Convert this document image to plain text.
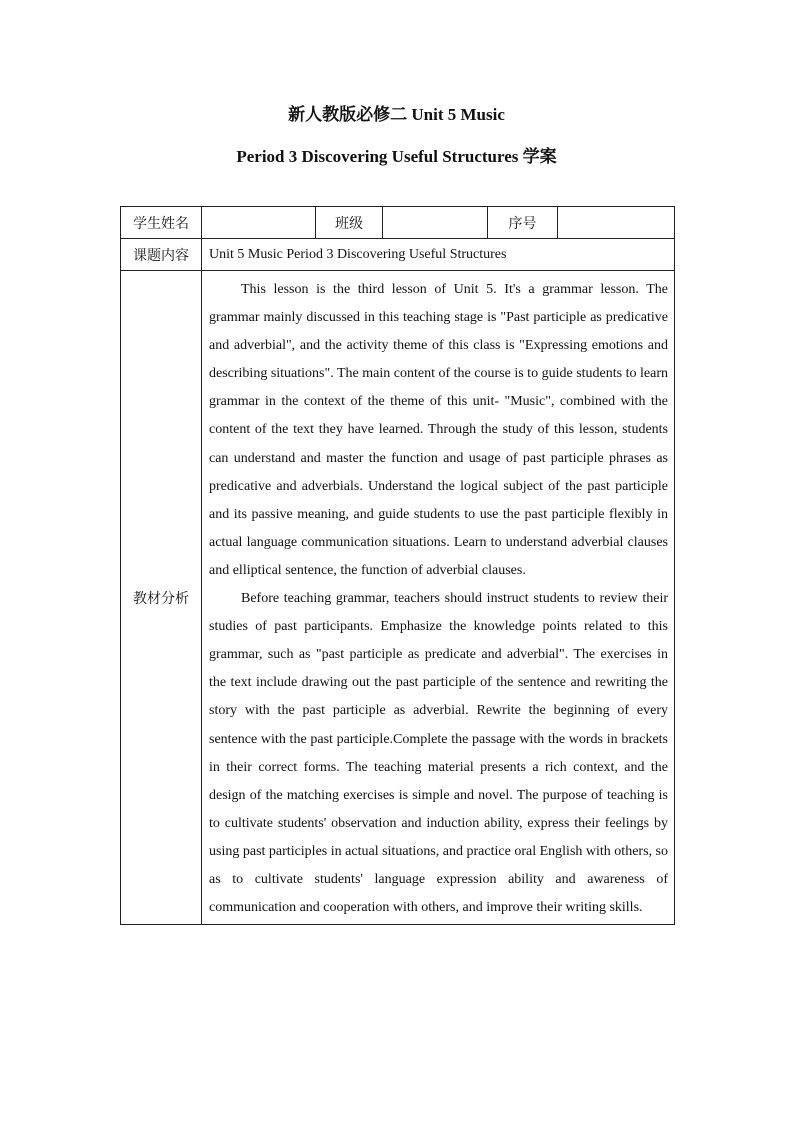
新人教版必修二 Unit 5 Music
Period 3 Discovering Useful Structures 学案
学生姓名		班级		序号	
课题内容	Unit 5 Music Period 3 Discovering Useful Structures				
教材分析	This lesson is the third lesson of Unit 5. It's a grammar lesson. The grammar mainly discussed in this teaching stage is "Past participle as predicative and adverbial", and the activity theme of this class is "Expressing emotions and describing situations". The main content of the course is to guide students to learn grammar in the context of the theme of this unit- "Music", combined with the content of the text they have learned. Through the study of this lesson, students can understand and master the function and usage of past participle phrases as predicative and adverbials. Understand the logical subject of the past participle and its passive meaning, and guide students to use the past participle flexibly in actual language communication situations. Learn to understand adverbial clauses and elliptical sentence, the function of adverbial clauses.

Before teaching grammar, teachers should instruct students to review their studies of past participants. Emphasize the knowledge points related to this grammar, such as "past participle as predicate and adverbial". The exercises in the text include drawing out the past participle of the sentence and rewriting the story with the past participle as adverbial. Rewrite the beginning of every sentence with the past participle.Complete the passage with the words in brackets in their correct forms. The teaching material presents a rich context, and the design of the matching exercises is simple and novel. The purpose of teaching is to cultivate students' observation and induction ability, express their feelings by using past participles in actual situations, and practice oral English with others, so as to cultivate students' language expression ability and awareness of communication and cooperation with others, and improve their writing skills.				
